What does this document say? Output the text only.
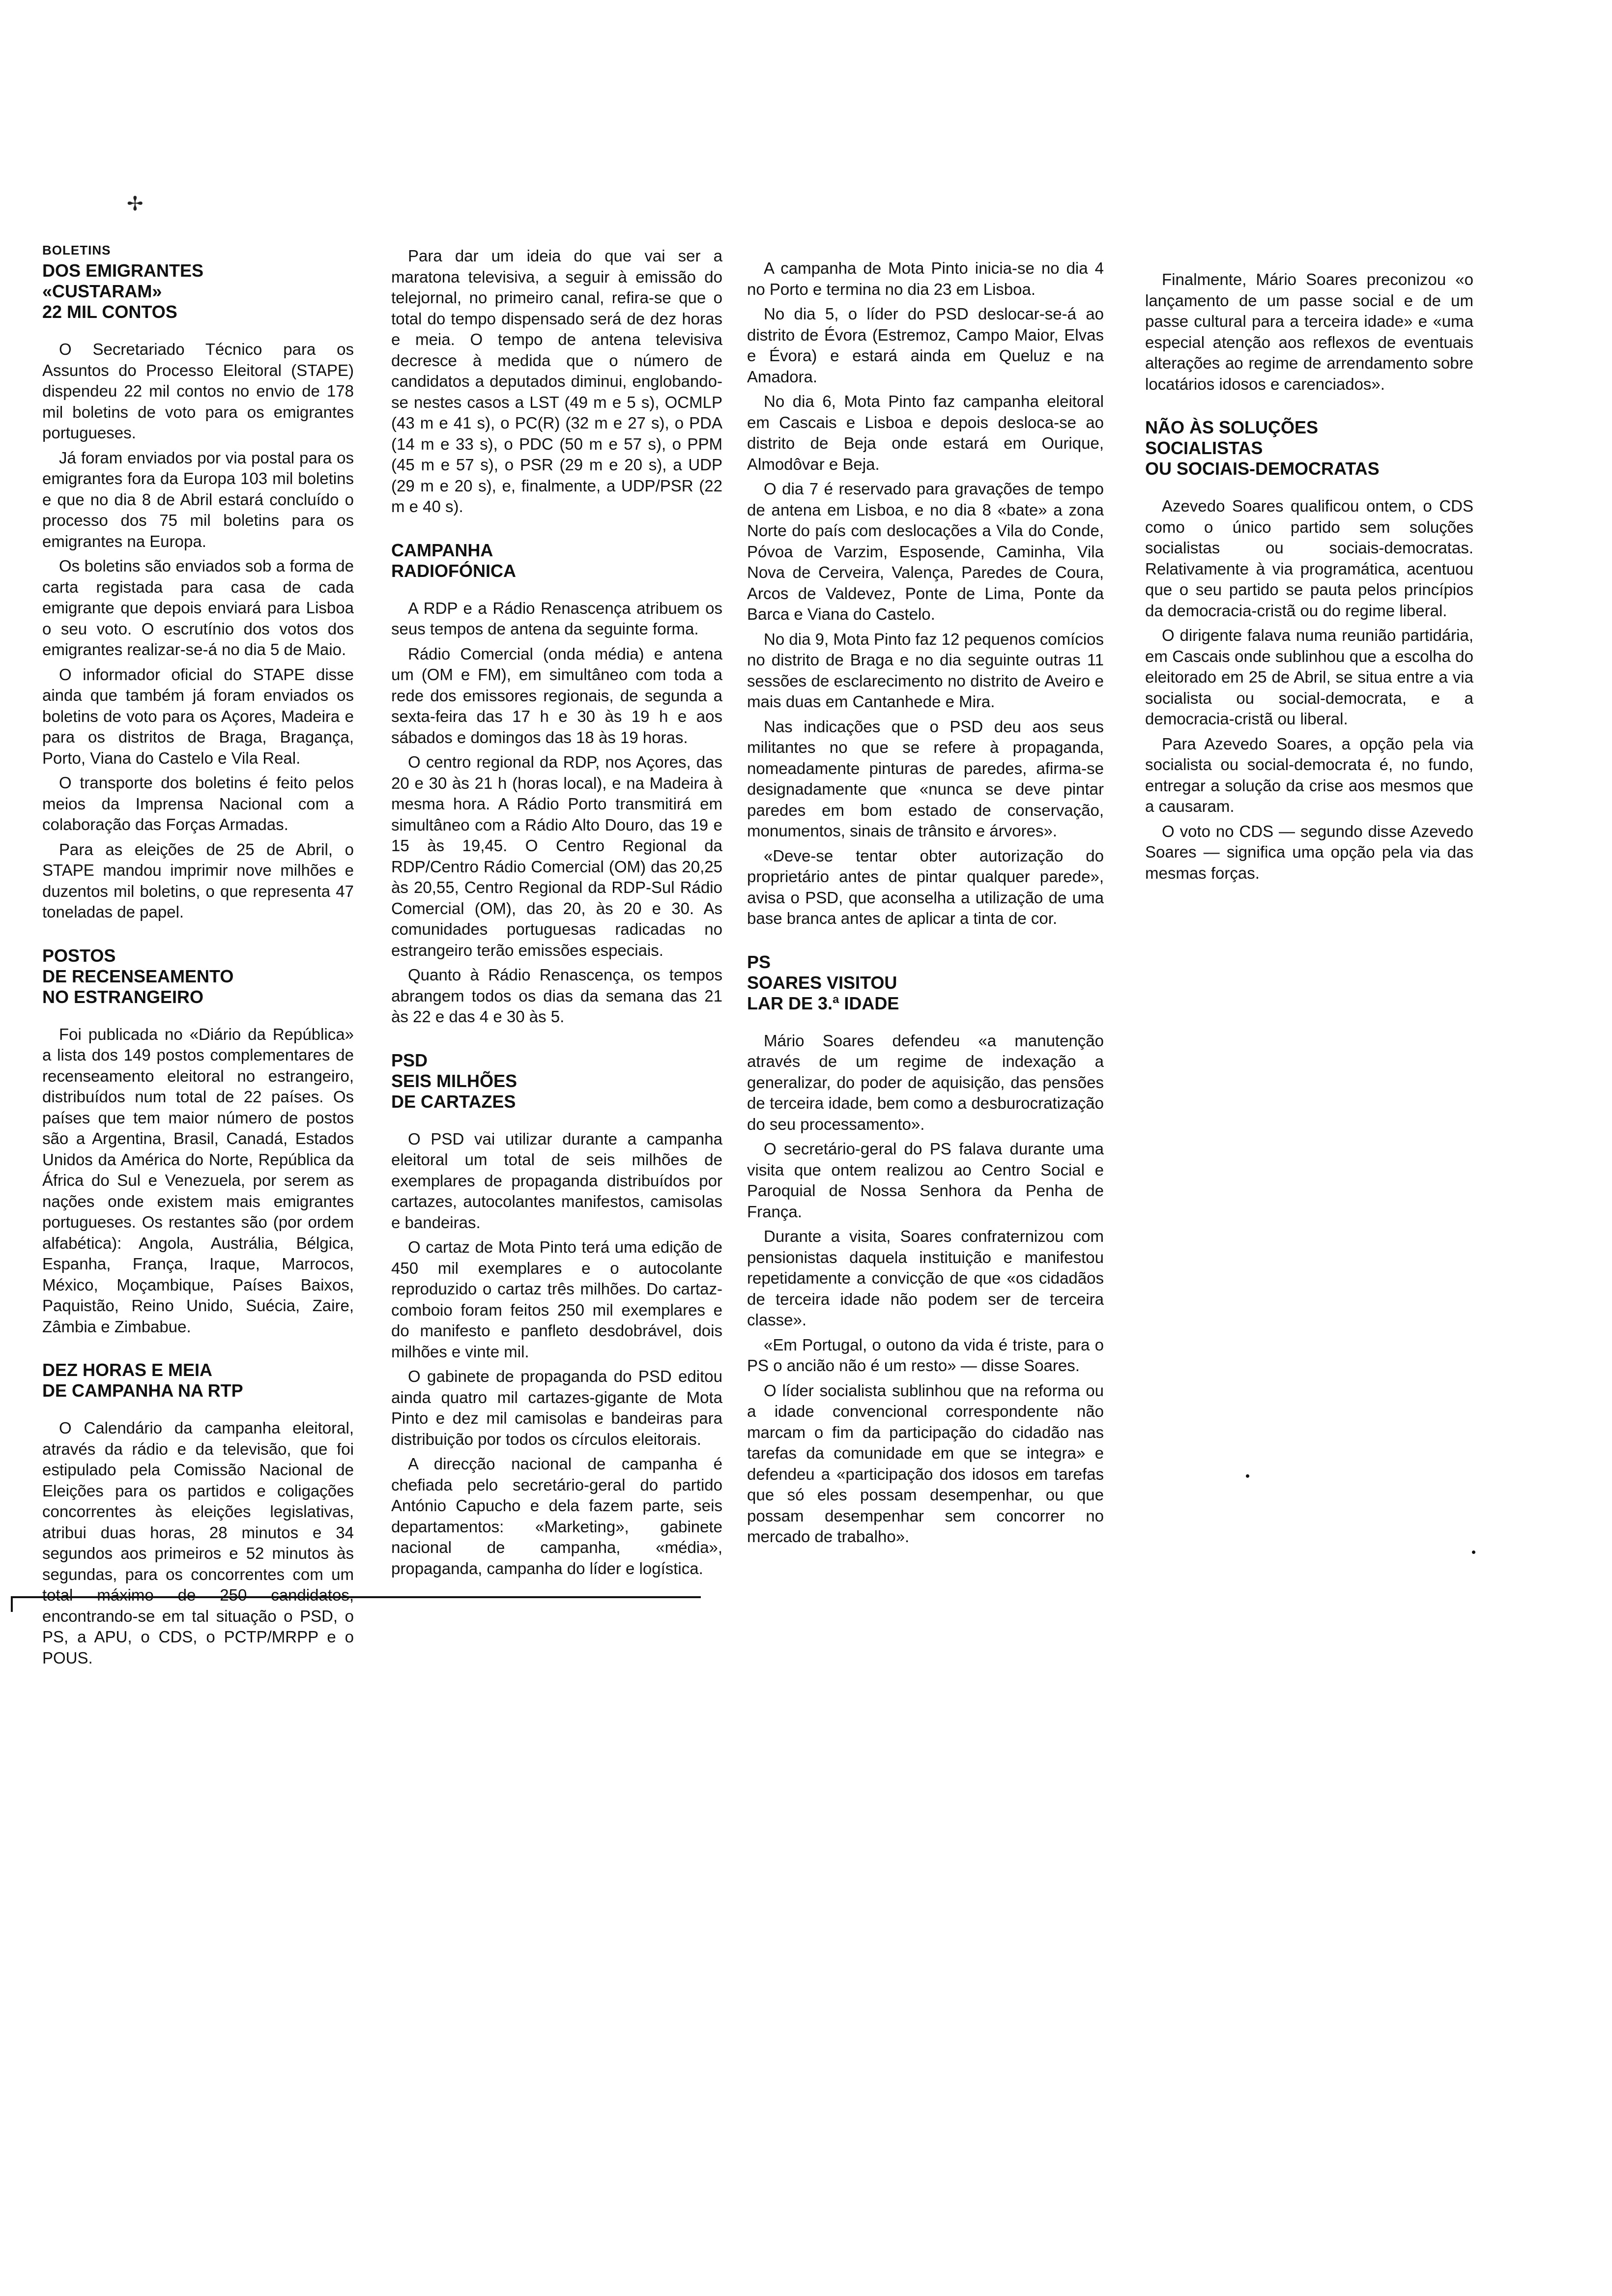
✢
BOLETINS
DOS EMIGRANTES
«CUSTARAM»
22 MIL CONTOS

O Secretariado Técnico para os Assuntos do Processo Eleitoral (STAPE) dispendeu 22 mil contos no envio de 178 mil boletins de voto para os emigrantes portugueses.

Já foram enviados por via postal para os emigrantes fora da Europa 103 mil boletins e que no dia 8 de Abril estará concluído o processo dos 75 mil boletins para os emigrantes na Europa.

Os boletins são enviados sob a forma de carta registada para casa de cada emigrante que depois enviará para Lisboa o seu voto. O escrutínio dos votos dos emigrantes realizar-se-á no dia 5 de Maio.

O informador oficial do STAPE disse ainda que também já foram enviados os boletins de voto para os Açores, Madeira e para os distritos de Braga, Bragança, Porto, Viana do Castelo e Vila Real.

O transporte dos boletins é feito pelos meios da Imprensa Nacional com a colaboração das Forças Armadas.

Para as eleições de 25 de Abril, o STAPE mandou imprimir nove milhões e duzentos mil boletins, o que representa 47 toneladas de papel.

POSTOS
DE RECENSEAMENTO
NO ESTRANGEIRO

Foi publicada no «Diário da República» a lista dos 149 postos complementares de recenseamento eleitoral no estrangeiro, distribuídos num total de 22 países. Os países que tem maior número de postos são a Argentina, Brasil, Canadá, Estados Unidos da América do Norte, República da África do Sul e Venezuela, por serem as nações onde existem mais emigrantes portugueses. Os restantes são (por ordem alfabética): Angola, Austrália, Bélgica, Espanha, França, Iraque, Marrocos, México, Moçambique, Países Baixos, Paquistão, Reino Unido, Suécia, Zaire, Zâmbia e Zimbabue.

DEZ HORAS E MEIA
DE CAMPANHA NA RTP

O Calendário da campanha eleitoral, através da rádio e da televisão, que foi estipulado pela Comissão Nacional de Eleições para os partidos e coligações concorrentes às eleições legislativas, atribui duas horas, 28 minutos e 34 segundos aos primeiros e 52 minutos às segundas, para os concorrentes com um total máximo de 250 candidatos, encontrando-se em tal situação o PSD, o PS, a APU, o CDS, o PCTP/MRPP e o POUS.

Para dar um ideia do que vai ser a maratona televisiva, a seguir à emissão do telejornal, no primeiro canal, refira-se que o total do tempo dispensado será de dez horas e meia. O tempo de antena televisiva decresce à medida que o número de candidatos a deputados diminui, englobando-se nestes casos a LST (49 m e 5 s), OCMLP (43 m e 41 s), o PC(R) (32 m e 27 s), o PDA (14 m e 33 s), o PDC (50 m e 57 s), o PPM (45 m e 57 s), o PSR (29 m e 20 s), a UDP (29 m e 20 s), e, finalmente, a UDP/PSR (22 m e 40 s).

CAMPANHA
RADIOFÓNICA

A RDP e a Rádio Renascença atribuem os seus tempos de antena da seguinte forma.

Rádio Comercial (onda média) e antena um (OM e FM), em simultâneo com toda a rede dos emissores regionais, de segunda a sexta-feira das 17 h e 30 às 19 h e aos sábados e domingos das 18 às 19 horas.

O centro regional da RDP, nos Açores, das 20 e 30 às 21 h (horas local), e na Madeira à mesma hora. A Rádio Porto transmitirá em simultâneo com a Rádio Alto Douro, das 19 e 15 às 19,45. O Centro Regional da RDP/Centro Rádio Comercial (OM) das 20,25 às 20,55, Centro Regional da RDP-Sul Rádio Comercial (OM), das 20, às 20 e 30. As comunidades portuguesas radicadas no estrangeiro terão emissões especiais.

Quanto à Rádio Renascença, os tempos abrangem todos os dias da semana das 21 às 22 e das 4 e 30 às 5.

PSD
SEIS MILHÕES
DE CARTAZES

O PSD vai utilizar durante a campanha eleitoral um total de seis milhões de exemplares de propaganda distribuídos por cartazes, autocolantes manifestos, camisolas e bandeiras.

O cartaz de Mota Pinto terá uma edição de 450 mil exemplares e o autocolante reproduzido o cartaz três milhões. Do cartaz-comboio foram feitos 250 mil exemplares e do manifesto e panfleto desdobrável, dois milhões e vinte mil.

O gabinete de propaganda do PSD editou ainda quatro mil cartazes-gigante de Mota Pinto e dez mil camisolas e bandeiras para distribuição por todos os círculos eleitorais.

A direcção nacional de campanha é chefiada pelo secretário-geral do partido António Capucho e dela fazem parte, seis departamentos: «Marketing», gabinete nacional de campanha, «média», propaganda, campanha do líder e logística.

A campanha de Mota Pinto inicia-se no dia 4 no Porto e termina no dia 23 em Lisboa.

No dia 5, o líder do PSD deslocar-se-á ao distrito de Évora (Estremoz, Campo Maior, Elvas e Évora) e estará ainda em Queluz e na Amadora.

No dia 6, Mota Pinto faz campanha eleitoral em Cascais e Lisboa e depois desloca-se ao distrito de Beja onde estará em Ourique, Almodôvar e Beja.

O dia 7 é reservado para gravações de tempo de antena em Lisboa, e no dia 8 «bate» a zona Norte do país com deslocações a Vila do Conde, Póvoa de Varzim, Esposende, Caminha, Vila Nova de Cerveira, Valença, Paredes de Coura, Arcos de Valdevez, Ponte de Lima, Ponte da Barca e Viana do Castelo.

No dia 9, Mota Pinto faz 12 pequenos comícios no distrito de Braga e no dia seguinte outras 11 sessões de esclarecimento no distrito de Aveiro e mais duas em Cantanhede e Mira.

Nas indicações que o PSD deu aos seus militantes no que se refere à propaganda, nomeadamente pinturas de paredes, afirma-se designadamente que «nunca se deve pintar paredes em bom estado de conservação, monumentos, sinais de trânsito e árvores».

«Deve-se tentar obter autorização do proprietário antes de pintar qualquer parede», avisa o PSD, que aconselha a utilização de uma base branca antes de aplicar a tinta de cor.

PS
SOARES VISITOU
LAR DE 3.ª IDADE

Mário Soares defendeu «a manutenção através de um regime de indexação a generalizar, do poder de aquisição, das pensões de terceira idade, bem como a desburocratização do seu processamento».

O secretário-geral do PS falava durante uma visita que ontem realizou ao Centro Social e Paroquial de Nossa Senhora da Penha de França.

Durante a visita, Soares confraternizou com pensionistas daquela instituição e manifestou repetidamente a convicção de que «os cidadãos de terceira idade não podem ser de terceira classe».

«Em Portugal, o outono da vida é triste, para o PS o ancião não é um resto» — disse Soares.

O líder socialista sublinhou que na reforma ou a idade convencional correspondente não marcam o fim da participação do cidadão nas tarefas da comunidade em que se integra» e defendeu a «participação dos idosos em tarefas que só eles possam desempenhar, ou que possam desempenhar sem concorrer no mercado de trabalho».

Finalmente, Mário Soares preconizou «o lançamento de um passe social e de um passe cultural para a terceira idade» e «uma especial atenção aos reflexos de eventuais alterações ao regime de arrendamento sobre locatários idosos e carenciados».

NÃO ÀS SOLUÇÕES
SOCIALISTAS
OU SOCIAIS-DEMOCRATAS

Azevedo Soares qualificou ontem, o CDS como o único partido sem soluções socialistas ou sociais-democratas. Relativamente à via programática, acentuou que o seu partido se pauta pelos princípios da democracia-cristã ou do regime liberal.

O dirigente falava numa reunião partidária, em Cascais onde sublinhou que a escolha do eleitorado em 25 de Abril, se situa entre a via socialista ou social-democrata, e a democracia-cristã ou liberal.

Para Azevedo Soares, a opção pela via socialista ou social-democrata é, no fundo, entregar a solução da crise aos mesmos que a causaram.

O voto no CDS — segundo disse Azevedo Soares — significa uma opção pela via das mesmas forças.
